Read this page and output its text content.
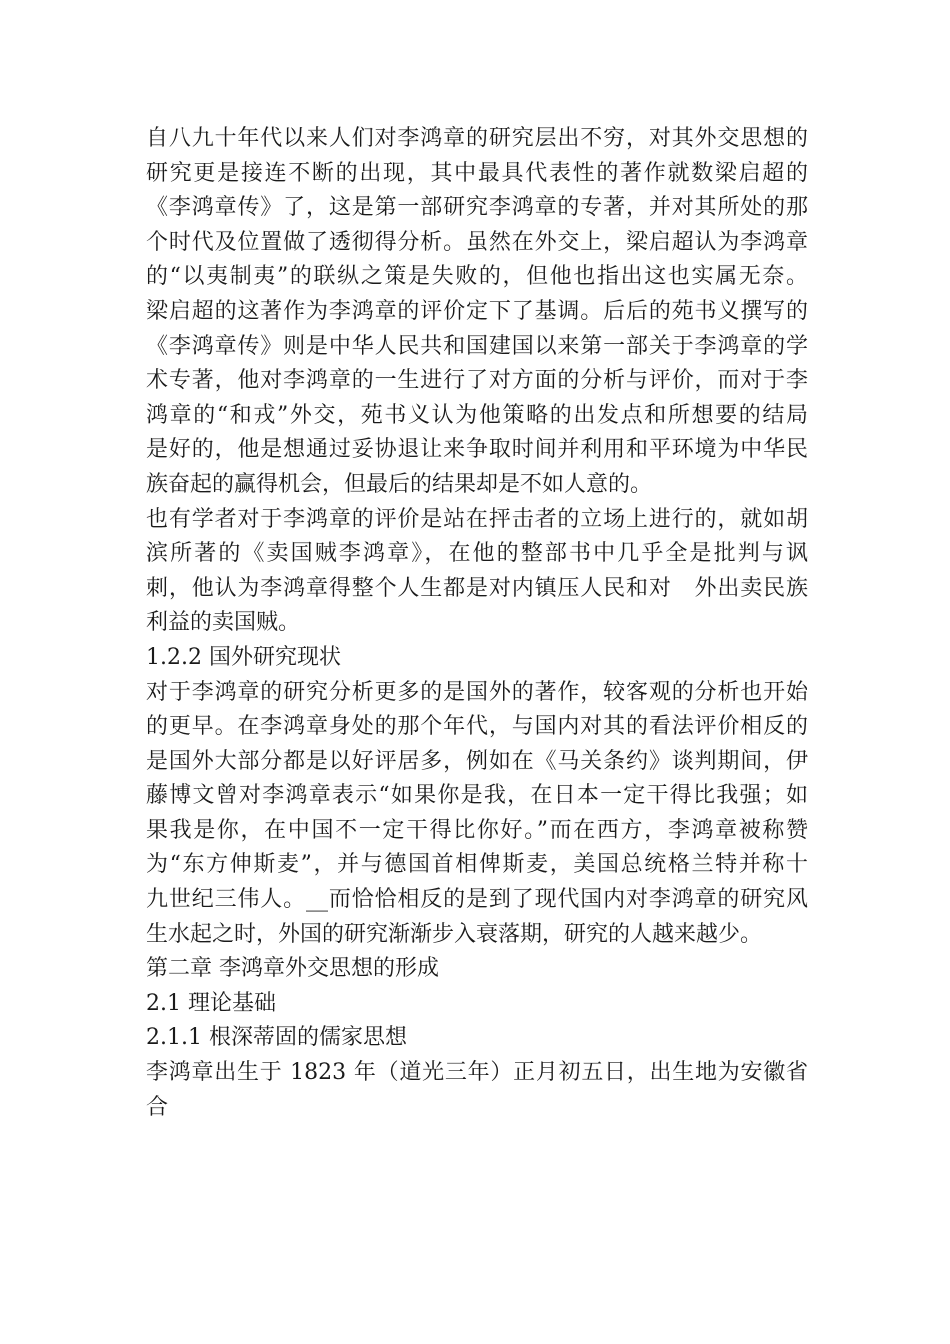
自八九十年代以来人们对李鸿章的研究层出不穷，对其外交思想的
研究更是接连不断的出现，其中最具代表性的著作就数梁启超的
《李鸿章传》了，这是第一部研究李鸿章的专著，并对其所处的那
个时代及位置做了透彻得分析。虽然在外交上，梁启超认为李鸿章
的“以夷制夷”的联纵之策是失败的，但他也指出这也实属无奈。
梁启超的这著作为李鸿章的评价定下了基调。后后的苑书义撰写的
《李鸿章传》则是中华人民共和国建国以来第一部关于李鸿章的学
术专著，他对李鸿章的一生进行了对方面的分析与评价，而对于李
鸿章的“和戎”外交，苑书义认为他策略的出发点和所想要的结局
是好的，他是想通过妥协退让来争取时间并利用和平环境为中华民
族奋起的赢得机会，但最后的结果却是不如人意的。
也有学者对于李鸿章的评价是站在抨击者的立场上进行的，就如胡
滨所著的《卖国贼李鸿章》，在他的整部书中几乎全是批判与讽
刺，他认为李鸿章得整个人生都是对内镇压人民和对　外出卖民族
利益的卖国贼。
1.2.2 国外研究现状
对于李鸿章的研究分析更多的是国外的著作，较客观的分析也开始
的更早。在李鸿章身处的那个年代，与国内对其的看法评价相反的
是国外大部分都是以好评居多，例如在《马关条约》谈判期间，伊
藤博文曾对李鸿章表示“如果你是我，在日本一定干得比我强；如
果我是你，在中国不一定干得比你好。”而在西方，李鸿章被称赞
为“东方伸斯麦”，并与德国首相俾斯麦，美国总统格兰特并称十
九世纪三伟人。__而恰恰相反的是到了现代国内对李鸿章的研究风
生水起之时，外国的研究渐渐步入衰落期，研究的人越来越少。
第二章 李鸿章外交思想的形成
2.1 理论基础
2.1.1 根深蒂固的儒家思想
李鸿章出生于 1823 年（道光三年）正月初五日，出生地为安徽省合
